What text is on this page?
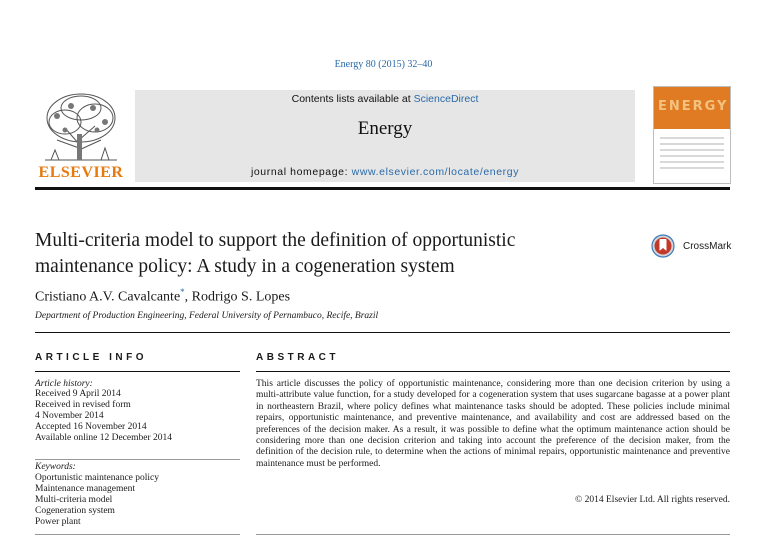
Energy 80 (2015) 32–40
ELSEVIER
Contents lists available at ScienceDirect
Energy
journal homepage: www.elsevier.com/locate/energy
ENERGY
Multi-criteria model to support the definition of opportunistic
maintenance policy: A study in a cogeneration system
CrossMark
Cristiano A.V. Cavalcante*, Rodrigo S. Lopes
Department of Production Engineering, Federal University of Pernambuco, Recife, Brazil
ARTICLE INFO
Article history:
Received 9 April 2014
Received in revised form
4 November 2014
Accepted 16 November 2014
Available online 12 December 2014
Keywords:
Oportunistic maintenance policy
Maintenance management
Multi-criteria model
Cogeneration system
Power plant
ABSTRACT
This article discusses the policy of opportunistic maintenance, considering more than one decision criterion by using a multi-attribute value function, for a study developed for a cogeneration system that uses sugarcane bagasse at a power plant in northeastern Brazil, where policy defines what maintenance tasks should be adopted. These policies include minimal repairs, opportunistic maintenance, and preventive maintenance, and availability and cost are addressed based on the preferences of the decision maker. As a result, it was possible to define what the optimum maintenance action should be considering more than one decision criterion and taking into account the preference of the decision maker, from the definition of the decision rule, to determine when the actions of minimal repairs, opportunistic maintenance and preventive maintenance must be performed.
© 2014 Elsevier Ltd. All rights reserved.
